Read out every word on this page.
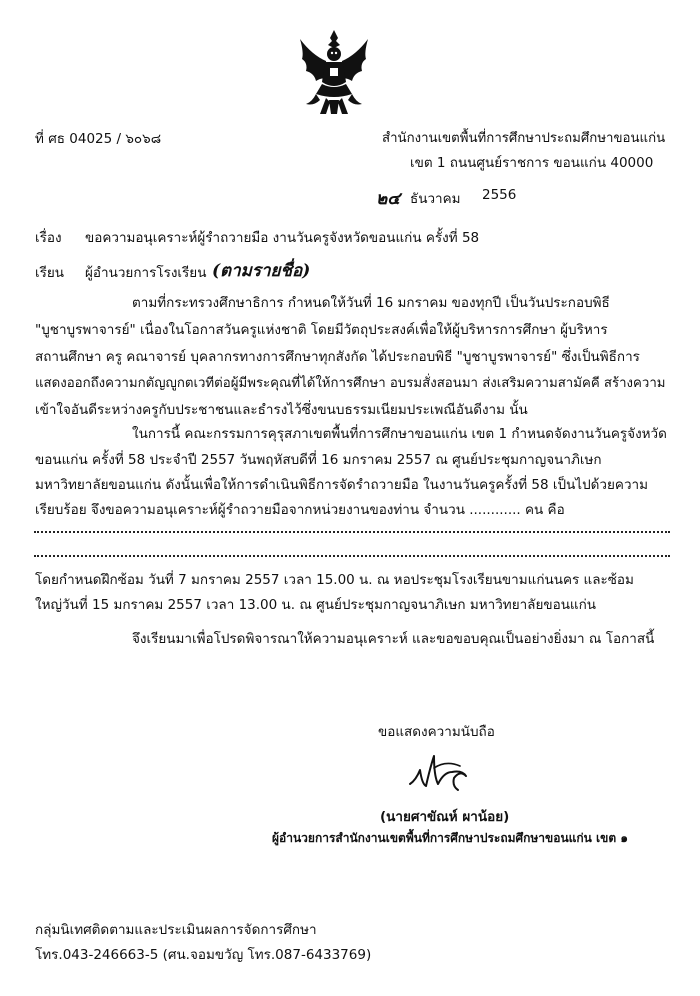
ที่ ศธ 04025 / ๖๐๖๘	สำนักงานเขตพื้นที่การศึกษาประถมศึกษาขอนแก่น
เขต 1 ถนนศูนย์ราชการ ขอนแก่น 40000
๒๔ ธันวาคม 2556
เรื่อง ขอความอนุเคราะห์ผู้รำถวายมือ งานวันครูจังหวัดขอนแก่น ครั้งที่ 58
เรียน ผู้อำนวยการโรงเรียน (ตามรายชื่อ)
ตามที่กระทรวงศึกษาธิการ กำหนดให้วันที่ 16 มกราคม ของทุกปี เป็นวันประกอบพิธี
"บูชาบูรพาจารย์" เนื่องในโอกาสวันครูแห่งชาติ โดยมีวัตถุประสงค์เพื่อให้ผู้บริหารการศึกษา ผู้บริหาร
สถานศึกษา ครู คณาจารย์ บุคลากรทางการศึกษาทุกสังกัด ได้ประกอบพิธี "บูชาบูรพาจารย์" ซึ่งเป็นพิธีการ
แสดงออกถึงความกตัญญูกตเวทีต่อผู้มีพระคุณที่ได้ให้การศึกษา อบรมสั่งสอนมา ส่งเสริมความสามัคคี สร้างความ
เข้าใจอันดีระหว่างครูกับประชาชนและธำรงไว้ซึ่งขนบธรรมเนียมประเพณีอันดีงาม นั้น
ในการนี้ คณะกรรมการคุรุสภาเขตพื้นที่การศึกษาขอนแก่น เขต 1 กำหนดจัดงานวันครูจังหวัด
ขอนแก่น ครั้งที่ 58 ประจำปี 2557 วันพฤหัสบดีที่ 16 มกราคม 2557 ณ ศูนย์ประชุมกาญจนาภิเษก
มหาวิทยาลัยขอนแก่น ดังนั้นเพื่อให้การดำเนินพิธีการจัดรำถวายมือ ในงานวันครูครั้งที่ 58 เป็นไปด้วยความ
เรียบร้อย จึงขอความอนุเคราะห์ผู้รำถวายมือจากหน่วยงานของท่าน จำนวน ............ คน คือ
โดยกำหนดฝึกซ้อม วันที่ 7 มกราคม 2557 เวลา 15.00 น. ณ หอประชุมโรงเรียนขามแก่นนคร และซ้อม
ใหญ่วันที่ 15 มกราคม 2557 เวลา 13.00 น. ณ ศูนย์ประชุมกาญจนาภิเษก มหาวิทยาลัยขอนแก่น
จึงเรียนมาเพื่อโปรดพิจารณาให้ความอนุเคราะห์ และขอขอบคุณเป็นอย่างยิ่งมา ณ โอกาสนี้
ขอแสดงความนับถือ
(นายศาขัณห์ ผาน้อย)
ผู้อำนวยการสำนักงานเขตพื้นที่การศึกษาประถมศึกษาขอนแก่น เขต ๑
กลุ่มนิเทศติดตามและประเมินผลการจัดการศึกษา
โทร.043-246663-5 (ศน.จอมขวัญ โทร.087-6433769)
